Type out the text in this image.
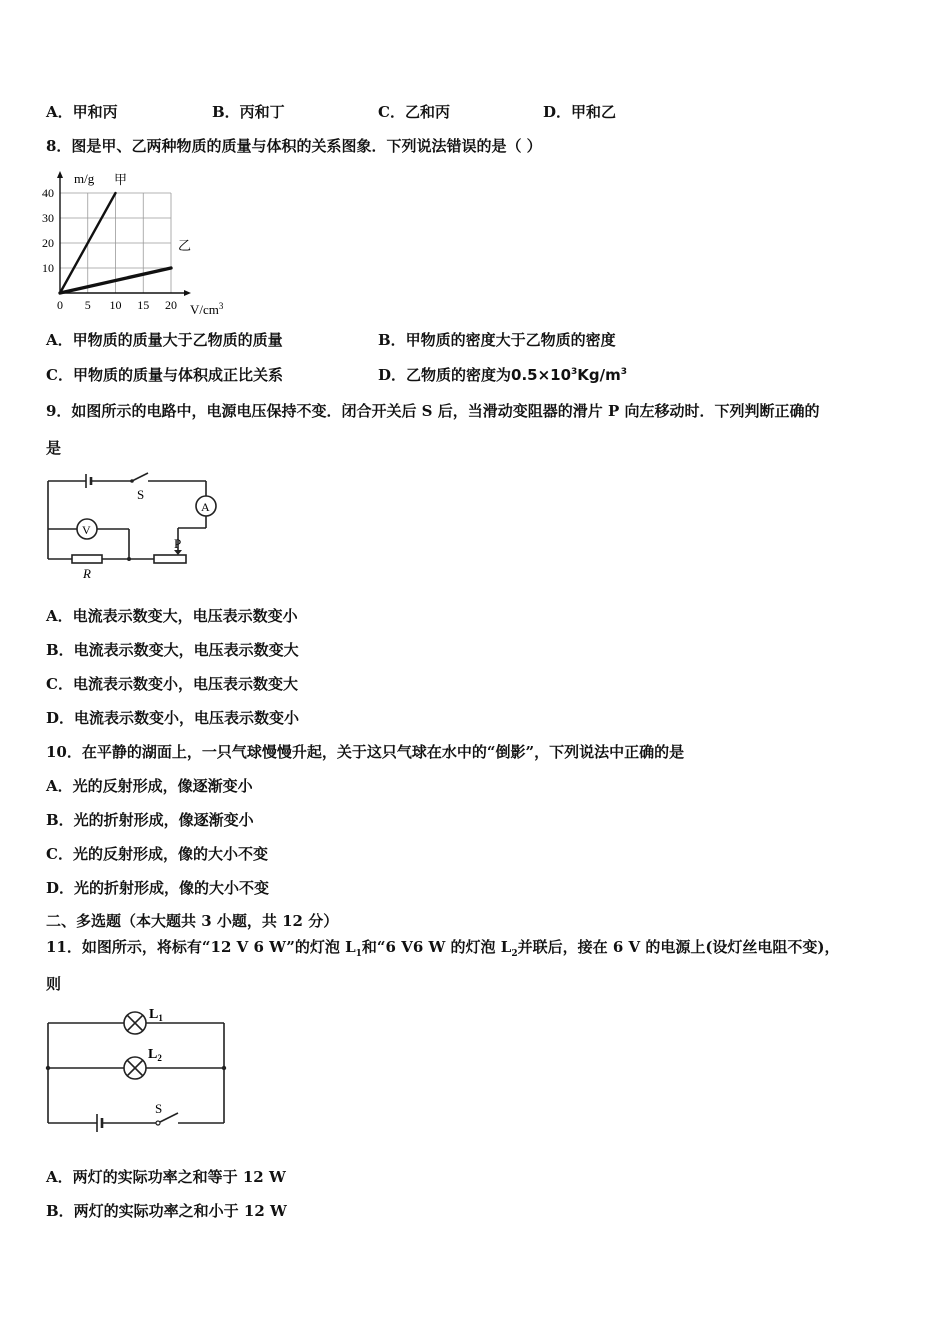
A．甲和丙	B．丙和丁	C．乙和丙	D．甲和乙
8．图是甲、乙两种物质的质量与体积的关系图象．下列说法错误的是（ ）
0 5 10 15 20
10
20
30
40
m/g
$V/cm^3$
甲
乙
A．甲物质的质量大于乙物质的质量	B．甲物质的密度大于乙物质的密度
C．甲物质的质量与体积成正比关系	D．乙物质的密度为$0.5\times 10^3Kg/m^3$
9．如图所示的电路中，电源电压保持不变．闭合开关后 S 后，当滑动变阻器的滑片 P 向左移动时．下列判断正确的
是
S
A
V
R
P
A．电流表示数变大，电压表示数变小
B．电流表示数变大，电压表示数变大
C．电流表示数变小，电压表示数变大
D．电流表示数变小，电压表示数变小
10．在平静的湖面上，一只气球慢慢升起，关于这只气球在水中的“倒影”，下列说法中正确的是
A．光的反射形成，像逐渐变小
B．光的折射形成，像逐渐变小
C．光的反射形成，像的大小不变
D．光的折射形成，像的大小不变
二、多选题（本大题共 3 小题，共 12 分）
11．如图所示，将标有“12 V 6 W”的灯泡 $L_1$和“6 V6 W 的灯泡 $L_2$并联后，接在 6 V 的电源上(设灯丝电阻不变)，
则
$L_1$
$L_2$
S
A．两灯的实际功率之和等于 12 W
B．两灯的实际功率之和小于 12 W
